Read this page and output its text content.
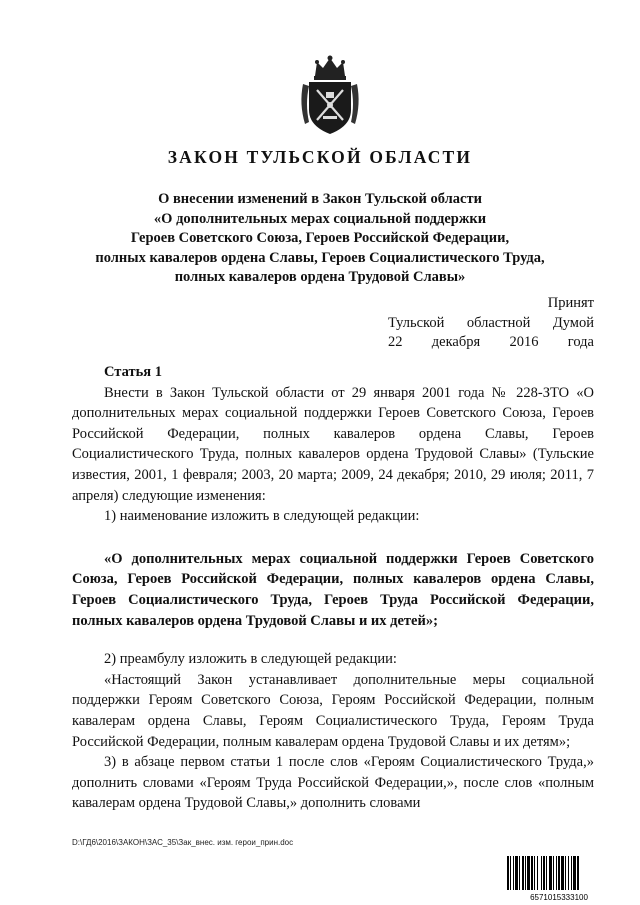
ЗАКОН ТУЛЬСКОЙ ОБЛАСТИ
О внесении изменений в Закон Тульской области
«О дополнительных мерах социальной поддержки
Героев Советского Союза, Героев Российской Федерации,
полных кавалеров ордена Славы, Героев Социалистического Труда,
полных кавалеров ордена Трудовой Славы»
Принят
Тульской областной Думой
22 декабря 2016 года
Статья 1

Внести в Закон Тульской области от 29 января 2001 года № 228-ЗТО «О дополнительных мерах социальной поддержки Героев Советского Союза, Героев Российской Федерации, полных кавалеров ордена Славы, Героев Социалистического Труда, полных кавалеров ордена Трудовой Славы» (Тульские известия, 2001, 1 февраля; 2003, 20 марта; 2009, 24 декабря; 2010, 29 июля; 2011, 7 апреля) следующие изменения:

1) наименование изложить в следующей редакции:

«О дополнительных мерах социальной поддержки Героев Советского Союза, Героев Российской Федерации, полных кавалеров ордена Славы, Героев Социалистического Труда, Героев Труда Российской Федерации, полных кавалеров ордена Трудовой Славы и их детей»;

2) преамбулу изложить в следующей редакции:

«Настоящий Закон устанавливает дополнительные меры социальной поддержки Героям Советского Союза, Героям Российской Федерации, полным кавалерам ордена Славы, Героям Социалистического Труда, Героям Труда Российской Федерации, полным кавалерам ордена Трудовой Славы и их детям»;

3) в абзаце первом статьи 1 после слов «Героям Социалистического Труда,» дополнить словами «Героям Труда Российской Федерации,», после слов «полным кавалерам ордена Трудовой Славы,» дополнить словами

D:\ГД6\2016\ЗАКОН\ЗАС_35\Зак_внес. изм. герои_прин.doc
6571015333100
